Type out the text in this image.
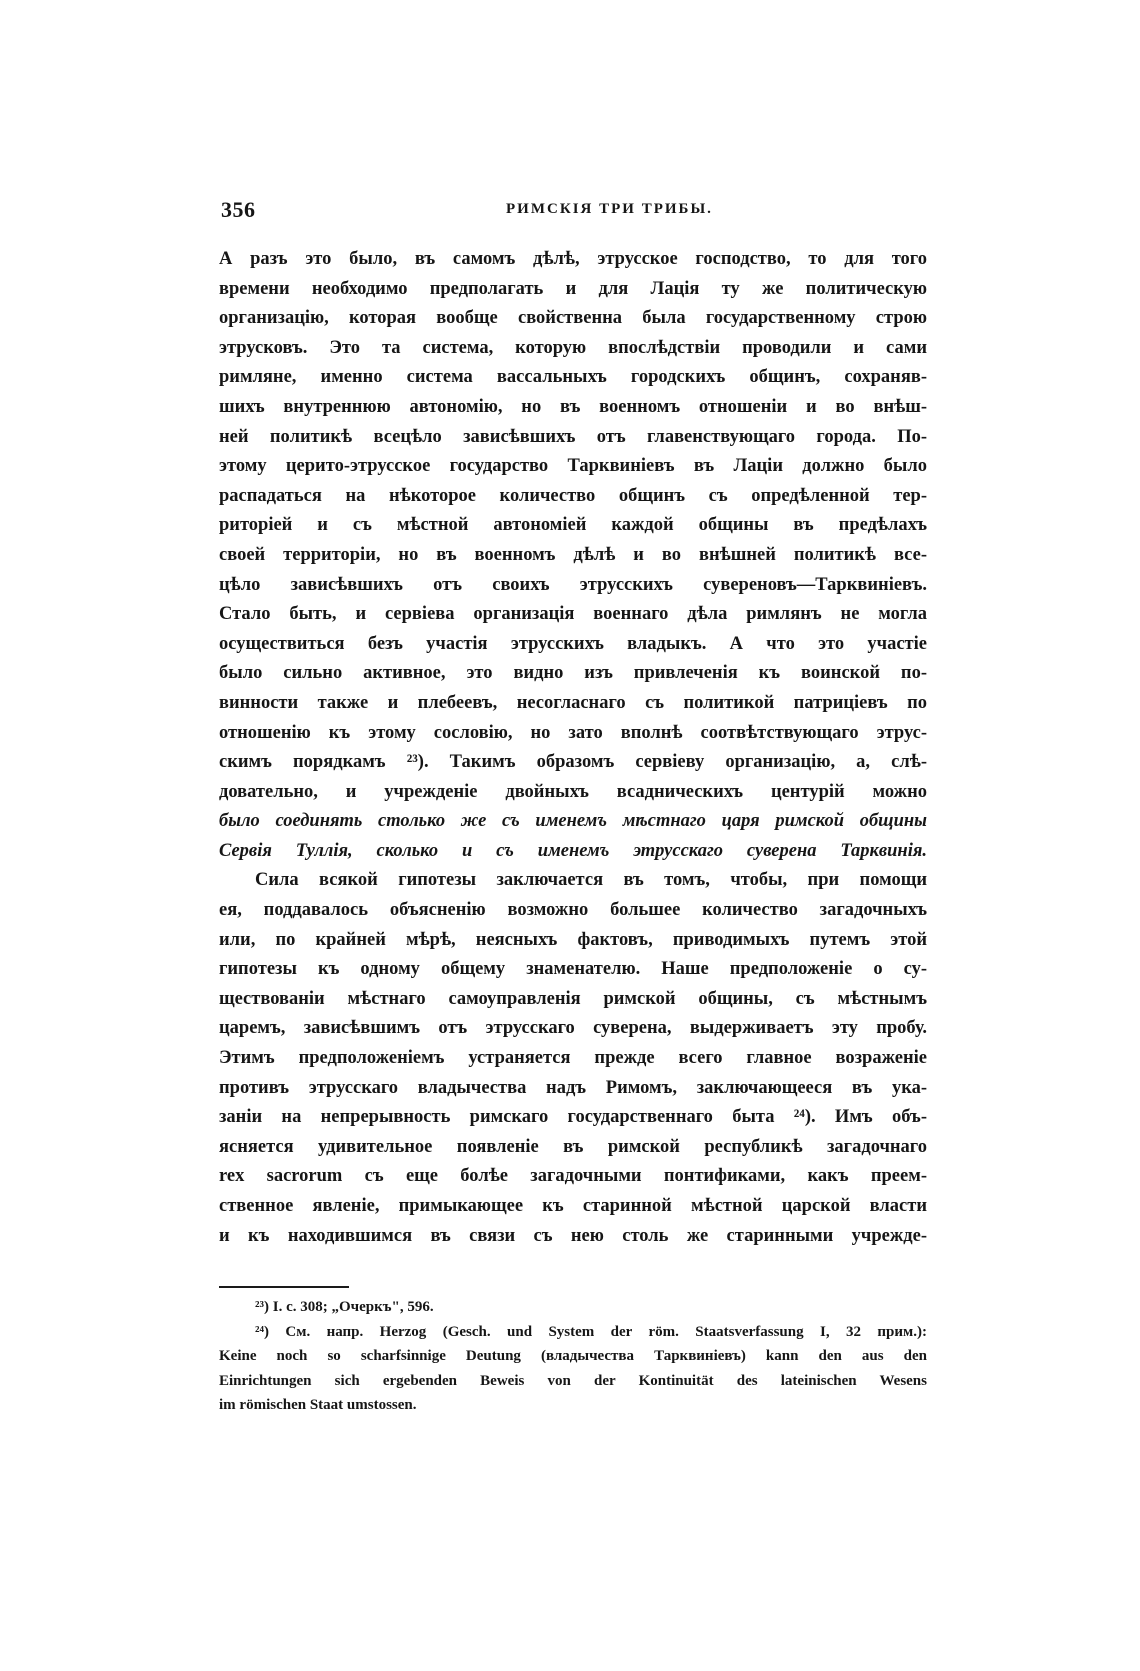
356	РИМСКІЯ ТРИ ТРИБЫ.
А разъ это было, въ самомъ дѣлѣ, этрусское господство, то для того
времени необходимо предполагать и для Лацiя ту же политическую
организацiю, которая вообще свойственна была государственному строю
этрусковъ. Это та система, которую впослѣдствiи проводили и сами
римляне, именно система вассальныхъ городскихъ общинъ, сохраняв-
шихъ внутреннюю автономiю, но въ военномъ отношенiи и во внѣш-
ней политикѣ всецѣло зависѣвшихъ отъ главенствующаго города. По-
этому церито-этрусское государство Тарквинiевъ въ Лацiи должно было
распадаться на нѣкоторое количество общинъ съ опредѣленной тер-
риторiей и съ мѣстной автономiей каждой общины въ предѣлахъ
своей территорiи, но въ военномъ дѣлѣ и во внѣшней политикѣ все-
цѣло зависѣвшихъ отъ своихъ этрусскихъ сувереновъ—Тарквинiевъ.
Стало быть, и сервiева организацiя военнаго дѣла римлянъ не могла
осуществиться безъ участiя этрусскихъ владыкъ. А что это участiе
было сильно активное, это видно изъ привлеченiя къ воинской по-
винности также и плебеевъ, несогласнаго съ политикой патрицiевъ по
отношенiю къ этому сословiю, но зато вполнѣ соотвѣтствующаго этрус-
скимъ порядкамъ ²³). Такимъ образомъ сервiеву организацiю, а, слѣ-
довательно, и учрежденiе двойныхъ всадническихъ центурiй можно
было соединять столько же съ именемъ мѣстнаго царя римской общины
Сервiя Туллiя, сколько и съ именемъ этрусскаго суверена Тарквинiя.
Сила всякой гипотезы заключается въ томъ, чтобы, при помощи
ея, поддавалось объясненiю возможно большее количество загадочныхъ
или, по крайней мѣрѣ, неясныхъ фактовъ, приводимыхъ путемъ этой
гипотезы къ одному общему знаменателю. Наше предположенiе о су-
ществованiи мѣстнаго самоуправленiя римской общины, съ мѣстнымъ
царемъ, зависѣвшимъ отъ этрусскаго суверена, выдерживаетъ эту пробу.
Этимъ предположенiемъ устраняется прежде всего главное возраженiе
противъ этрусскаго владычества надъ Римомъ, заключающееся въ ука-
занiи на непрерывность римскаго государственнаго быта ²⁴). Имъ объ-
ясняется удивительное появленiе въ римской республикѣ загадочнаго
rex sacrorum съ еще болѣе загадочными понтификами, какъ преем-
ственное явленiе, примыкающее къ старинной мѣстной царской власти
и къ находившимся въ связи съ нею столь же старинными учрежде-
²³) I. с. 308; „Очеркъ", 596.
²⁴) См. напр. Herzog (Gesch. und System der röm. Staatsverfassung I, 32 прим.):
Keine noch so scharfsinnige Deutung (владычества Тарквинiевъ) kann den aus den
Einrichtungen sich ergebenden Beweis von der Kontinuität des lateinischen Wesens
im römischen Staat umstossen.
